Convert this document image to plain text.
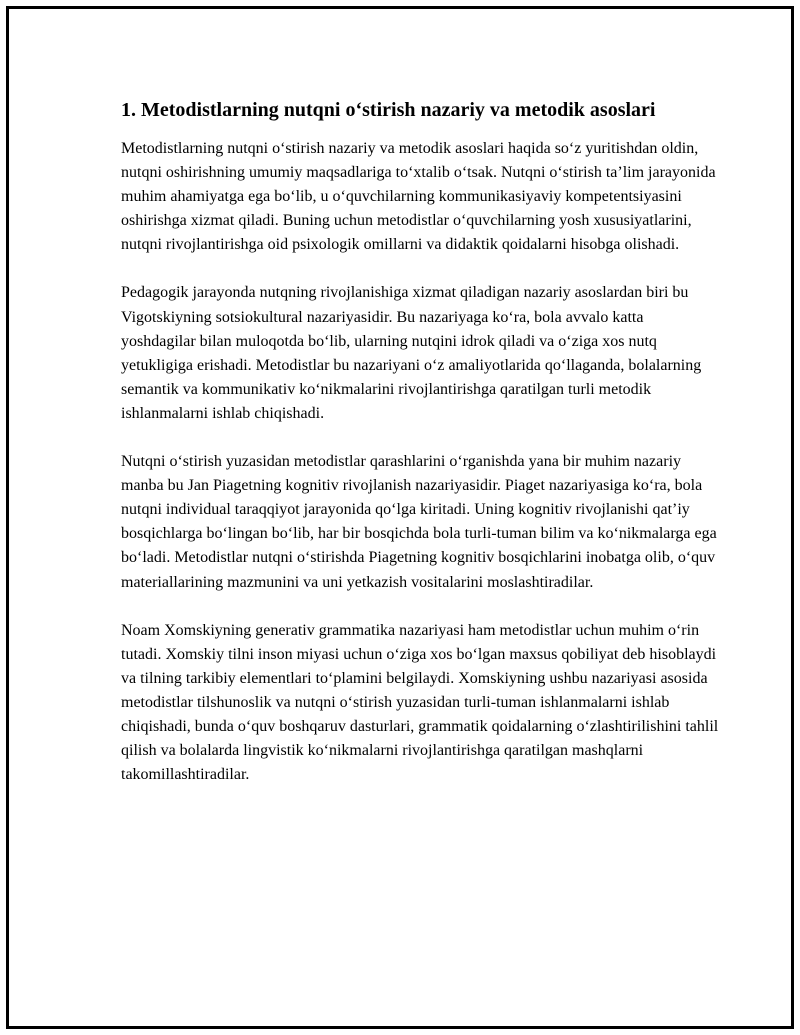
1. Metodistlarning nutqni o‘stirish nazariy va metodik asoslari

Metodistlarning nutqni o‘stirish nazariy va metodik asoslari haqida so‘z yuritishdan oldin, nutqni oshirishning umumiy maqsadlariga to‘xtalib o‘tsak. Nutqni o‘stirish ta’lim jarayonida muhim ahamiyatga ega bo‘lib, u o‘quvchilarning kommunikasiyaviy kompetentsiyasini oshirishga xizmat qiladi. Buning uchun metodistlar o‘quvchilarning yosh xususiyatlarini, nutqni rivojlantirishga oid psixologik omillarni va didaktik qoidalarni hisobga olishadi.

Pedagogik jarayonda nutqning rivojlanishiga xizmat qiladigan nazariy asoslardan biri bu Vigotskiyning sotsiokultural nazariyasidir. Bu nazariyaga ko‘ra, bola avvalo katta yoshdagilar bilan muloqotda bo‘lib, ularning nutqini idrok qiladi va o‘ziga xos nutq yetukligiga erishadi. Metodistlar bu nazariyani o‘z amaliyotlarida qo‘llaganda, bolalarning semantik va kommunikativ ko‘nikmalarini rivojlantirishga qaratilgan turli metodik ishlanmalarni ishlab chiqishadi.

Nutqni o‘stirish yuzasidan metodistlar qarashlarini o‘rganishda yana bir muhim nazariy manba bu Jan Piagetning kognitiv rivojlanish nazariyasidir. Piaget nazariyasiga ko‘ra, bola nutqni individual taraqqiyot jarayonida qo‘lga kiritadi. Uning kognitiv rivojlanishi qat’iy bosqichlarga bo‘lingan bo‘lib, har bir bosqichda bola turli-tuman bilim va ko‘nikmalarga ega bo‘ladi. Metodistlar nutqni o‘stirishda Piagetning kognitiv bosqichlarini inobatga olib, o‘quv materiallarining mazmunini va uni yetkazish vositalarini moslashtiradilar.

Noam Xomskiyning generativ grammatika nazariyasi ham metodistlar uchun muhim o‘rin tutadi. Xomskiy tilni inson miyasi uchun o‘ziga xos bo‘lgan maxsus qobiliyat deb hisoblaydi va tilning tarkibiy elementlari to‘plamini belgilaydi. Xomskiyning ushbu nazariyasi asosida metodistlar tilshunoslik va nutqni o‘stirish yuzasidan turli-tuman ishlanmalarni ishlab chiqishadi, bunda o‘quv boshqaruv dasturlari, grammatik qoidalarning o‘zlashtirilishini tahlil qilish va bolalarda lingvistik ko‘nikmalarni rivojlantirishga qaratilgan mashqlarni takomillashtiradilar.
